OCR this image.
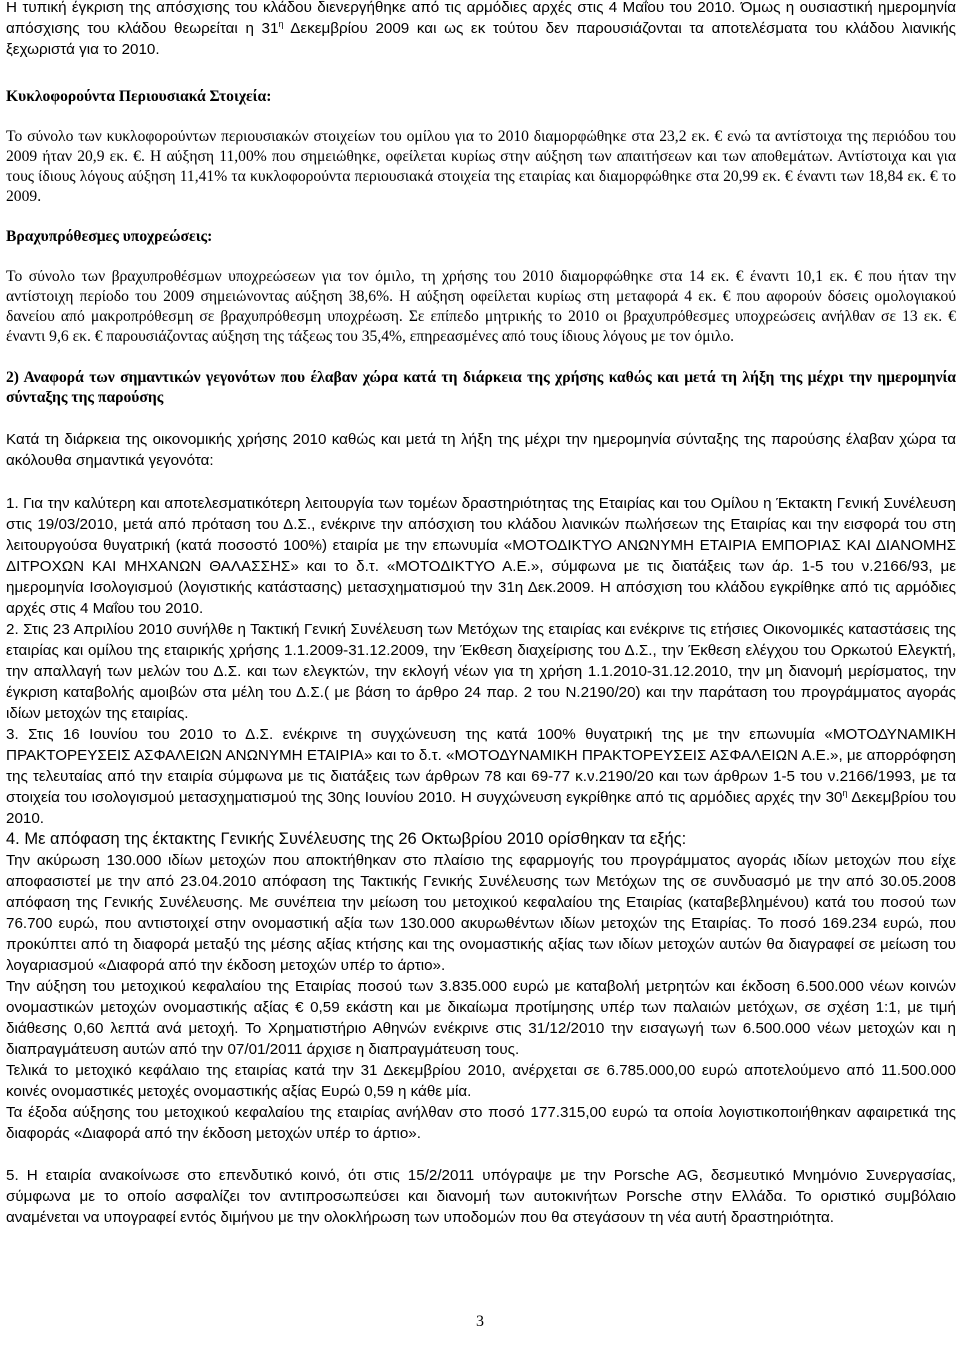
Η τυπική έγκριση της απόσχισης του κλάδου διενεργήθηκε από τις αρμόδιες αρχές στις 4 Μαΐου του 2010. Όμως η ουσιαστική ημερομηνία απόσχισης του κλάδου θεωρείται η $31^\eta$ Δεκεμβρίου 2009 και ως εκ τούτου δεν παρουσιάζονται τα αποτελέσματα του κλάδου λιανικής ξεχωριστά για το 2010.

Κυκλοφορούντα Περιουσιακά Στοιχεία:

Το σύνολο των κυκλοφορούντων περιουσιακών στοιχείων του ομίλου για το 2010 διαμορφώθηκε στα 23,2 εκ. € ενώ τα αντίστοιχα της περιόδου του 2009 ήταν 20,9 εκ. €. Η αύξηση 11,00% που σημειώθηκε, οφείλεται κυρίως στην αύξηση των απαιτήσεων και των αποθεμάτων. Αντίστοιχα και για τους ίδιους λόγους αύξηση 11,41% τα κυκλοφορούντα περιουσιακά στοιχεία της εταιρίας και διαμορφώθηκε στα 20,99 εκ. € έναντι των 18,84 εκ. € το 2009.

Βραχυπρόθεσμες υποχρεώσεις:

Το σύνολο των βραχυπροθέσμων υποχρεώσεων για τον όμιλο, τη χρήσης του 2010 διαμορφώθηκε στα 14 εκ. € έναντι 10,1 εκ. € που ήταν την αντίστοιχη περίοδο του 2009 σημειώνοντας αύξηση 38,6%. Η αύξηση οφείλεται κυρίως στη μεταφορά 4 εκ. € που αφορούν δόσεις ομολογιακού δανείου από μακροπρόθεσμη σε βραχυπρόθεσμη υποχρέωση. Σε επίπεδο μητρικής το 2010 οι βραχυπρόθεσμες υποχρεώσεις ανήλθαν σε 13 εκ. € έναντι 9,6 εκ. € παρουσιάζοντας αύξηση της τάξεως του 35,4%, επηρεασμένες από τους ίδιους λόγους με τον όμιλο.

2) Αναφορά των σημαντικών γεγονότων που έλαβαν χώρα κατά τη διάρκεια της χρήσης καθώς και μετά τη λήξη της μέχρι την ημερομηνία σύνταξης της παρούσης

Κατά τη διάρκεια της οικονομικής χρήσης 2010 καθώς και μετά τη λήξη της μέχρι την ημερομηνία σύνταξης της παρούσης έλαβαν χώρα τα ακόλουθα σημαντικά γεγονότα:

1. Για την καλύτερη και αποτελεσματικότερη λειτουργία των τομέων δραστηριότητας της Εταιρίας και του Ομίλου η Έκτακτη Γενική Συνέλευση στις 19/03/2010, μετά από πρόταση του Δ.Σ., ενέκρινε την απόσχιση του κλάδου λιανικών πωλήσεων της Εταιρίας και την εισφορά του στη λειτουργούσα θυγατρική (κατά ποσοστό 100%) εταιρία με την επωνυμία «ΜΟΤΟΔΙΚΤΥΟ ΑΝΩΝΥΜΗ ΕΤΑΙΡΙΑ ΕΜΠΟΡΙΑΣ ΚΑΙ ΔΙΑΝΟΜΗΣ ΔΙΤΡΟΧΩΝ ΚΑΙ ΜΗΧΑΝΩΝ ΘΑΛΑΣΣΗΣ» και το δ.τ. «ΜΟΤΟΔΙΚΤΥΟ Α.Ε.», σύμφωνα με τις διατάξεις των άρ. 1-5 του ν.2166/93, με ημερομηνία Ισολογισμού (λογιστικής κατάστασης) μετασχηματισμού την 31η Δεκ.2009. Η απόσχιση του κλάδου εγκρίθηκε από τις αρμόδιες αρχές στις 4 Μαΐου του 2010.

2. Στις 23 Απριλίου 2010 συνήλθε η Τακτική Γενική Συνέλευση των Μετόχων της εταιρίας και ενέκρινε τις ετήσιες Οικονομικές καταστάσεις της εταιρίας και ομίλου της εταιρικής χρήσης 1.1.2009-31.12.2009, την Έκθεση διαχείρισης του Δ.Σ., την Έκθεση ελέγχου του Ορκωτού Ελεγκτή, την απαλλαγή των μελών του Δ.Σ. και των ελεγκτών, την εκλογή νέων για τη χρήση 1.1.2010-31.12.2010, την μη διανομή μερίσματος, την έγκριση καταβολής αμοιβών στα μέλη του Δ.Σ.( με βάση το άρθρο 24 παρ. 2 του Ν.2190/20) και την παράταση του προγράμματος αγοράς ιδίων μετοχών της εταιρίας.

3. Στις 16 Ιουνίου του 2010 το Δ.Σ. ενέκρινε τη συγχώνευση της κατά 100% θυγατρική της με την επωνυμία «ΜΟΤΟΔΥΝΑΜΙΚΗ ΠΡΑΚΤΟΡΕΥΣΕΙΣ ΑΣΦΑΛΕΙΩΝ ΑΝΩΝΥΜΗ ΕΤΑΙΡΙΑ» και το δ.τ. «ΜΟΤΟΔΥΝΑΜΙΚΗ ΠΡΑΚΤΟΡΕΥΣΕΙΣ ΑΣΦΑΛΕΙΩΝ Α.Ε.», με απορρόφηση της τελευταίας από την εταιρία σύμφωνα με τις διατάξεις των άρθρων 78 και 69-77 κ.ν.2190/20 και των άρθρων 1-5 του ν.2166/1993, με τα στοιχεία του ισολογισμού μετασχηματισμού της 30ης Ιουνίου 2010. Η συγχώνευση εγκρίθηκε από τις αρμόδιες αρχές την $30^\eta$ Δεκεμβρίου του 2010.

4. Με απόφαση της έκτακτης Γενικής Συνέλευσης της 26 Οκτωβρίου 2010 ορίσθηκαν τα εξής:

Την ακύρωση 130.000 ιδίων μετοχών που αποκτήθηκαν στο πλαίσιο της εφαρμογής του προγράμματος αγοράς ιδίων μετοχών που είχε αποφασιστεί με την από 23.04.2010 απόφαση της Τακτικής Γενικής Συνέλευσης των Μετόχων της σε συνδυασμό με την από 30.05.2008 απόφαση της Γενικής Συνέλευσης. Με συνέπεια την μείωση του μετοχικού κεφαλαίου της Εταιρίας (καταβεβλημένου) κατά του ποσού των 76.700 ευρώ, που αντιστοιχεί στην ονομαστική αξία των 130.000 ακυρωθέντων ιδίων μετοχών της Εταιρίας. Το ποσό 169.234 ευρώ, που προκύπτει από τη διαφορά μεταξύ της μέσης αξίας κτήσης και της ονομαστικής αξίας των ιδίων μετοχών αυτών θα διαγραφεί σε μείωση του λογαριασμού «Διαφορά από την έκδοση μετοχών υπέρ το άρτιο».

Την αύξηση του μετοχικού κεφαλαίου της Εταιρίας ποσού των 3.835.000 ευρώ με καταβολή μετρητών και έκδοση 6.500.000 νέων κοινών ονομαστικών μετοχών ονομαστικής αξίας € 0,59 εκάστη και με δικαίωμα προτίμησης υπέρ των παλαιών μετόχων, σε σχέση 1:1, με τιμή διάθεσης 0,60 λεπτά ανά μετοχή. Το Χρηματιστήριο Αθηνών ενέκρινε στις 31/12/2010 την εισαγωγή των 6.500.000 νέων μετοχών και η διαπραγμάτευση αυτών από την 07/01/2011 άρχισε η διαπραγμάτευση τους.

Τελικά το μετοχικό κεφάλαιο της εταιρίας κατά την 31 Δεκεμβρίου 2010, ανέρχεται σε 6.785.000,00 ευρώ αποτελούμενο από 11.500.000 κοινές ονομαστικές μετοχές ονομαστικής αξίας Ευρώ 0,59 η κάθε μία.

Τα έξοδα αύξησης του μετοχικού κεφαλαίου της εταιρίας ανήλθαν στο ποσό 177.315,00 ευρώ τα οποία λογιστικοποιήθηκαν αφαιρετικά της διαφοράς «Διαφορά από την έκδοση μετοχών υπέρ το άρτιο».

5. Η εταιρία ανακοίνωσε στο επενδυτικό κοινό, ότι στις 15/2/2011 υπόγραψε με την Porsche AG, δεσμευτικό Μνημόνιο Συνεργασίας, σύμφωνα με το οποίο ασφαλίζει τον αντιπροσωπεύσει και διανομή των αυτοκινήτων Porsche στην Ελλάδα. Το οριστικό συμβόλαιο αναμένεται να υπογραφεί εντός διμήνου με την ολοκλήρωση των υποδομών που θα στεγάσουν τη νέα αυτή δραστηριότητα.

3
